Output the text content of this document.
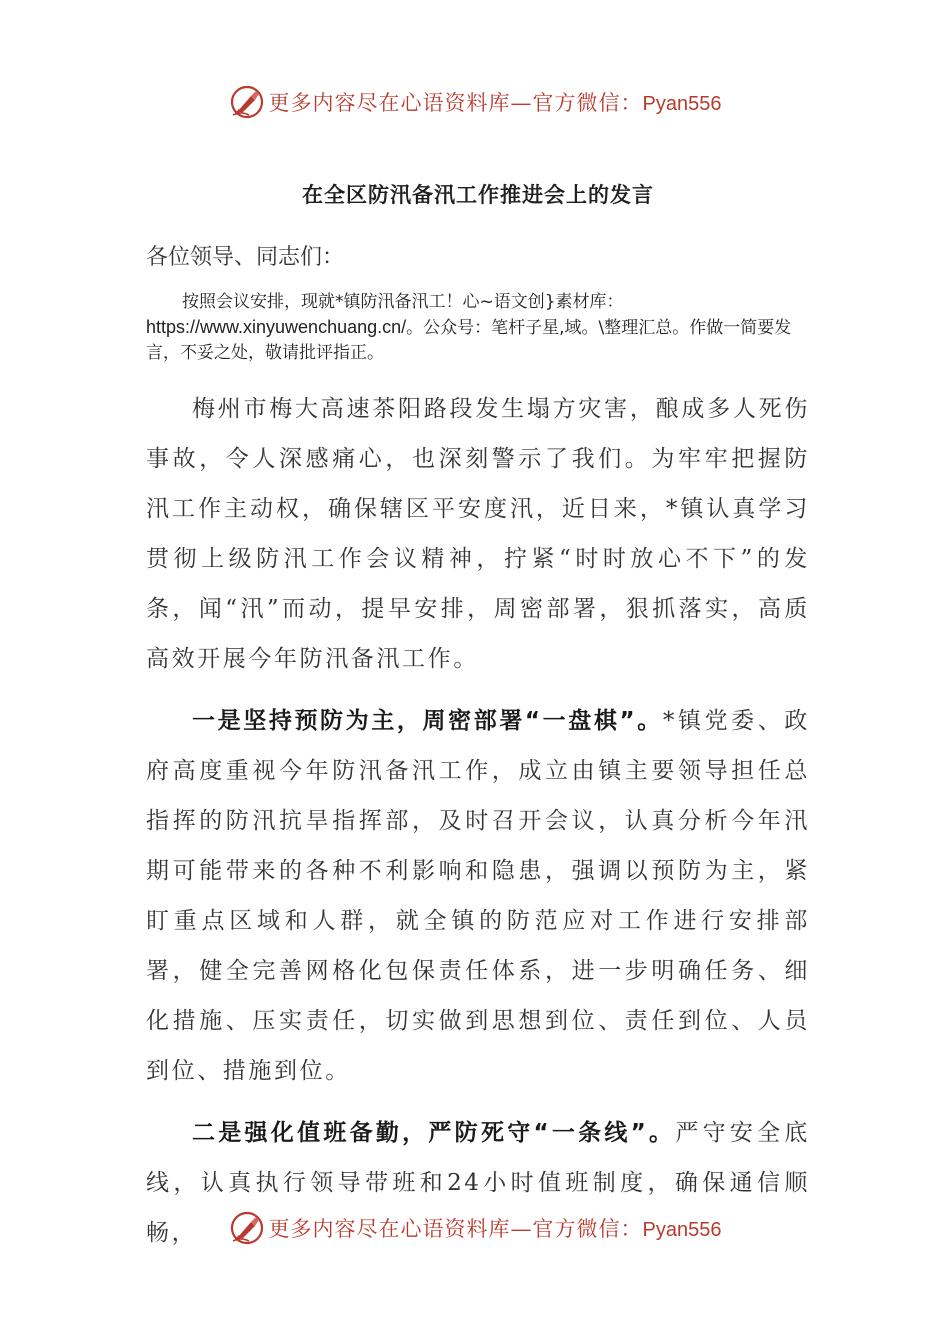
更多内容尽在心语资料库—官方微信：Pyan556
在全区防汛备汛工作推进会上的发言
各位领导、同志们：
按照会议安排，现就*镇防汛备汛工！心~语文创}素材库：https://www.xinyuwenchuang.cn/。公众号：笔杆子星,域。\整理汇总。作做一简要发言，不妥之处，敬请批评指正。

梅州市梅大高速茶阳路段发生塌方灾害，酿成多人死伤事故，令人深感痛心，也深刻警示了我们。为牢牢把握防汛工作主动权，确保辖区平安度汛，近日来，*镇认真学习贯彻上级防汛工作会议精神，拧紧“时时放心不下”的发条，闻“汛”而动，提早安排，周密部署，狠抓落实，高质高效开展今年防汛备汛工作。

一是坚持预防为主，周密部署“一盘棋”。*镇党委、政府高度重视今年防汛备汛工作，成立由镇主要领导担任总指挥的防汛抗旱指挥部，及时召开会议，认真分析今年汛期可能带来的各种不利影响和隐患，强调以预防为主，紧盯重点区域和人群，就全镇的防范应对工作进行安排部署，健全完善网格化包保责任体系，进一步明确任务、细化措施、压实责任，切实做到思想到位、责任到位、人员到位、措施到位。

二是强化值班备勤，严防死守“一条线”。严守安全底线，认真执行领导带班和24小时值班制度，确保通信顺畅，	更多内容尽在心语资料库—官方微信：Pyan556
